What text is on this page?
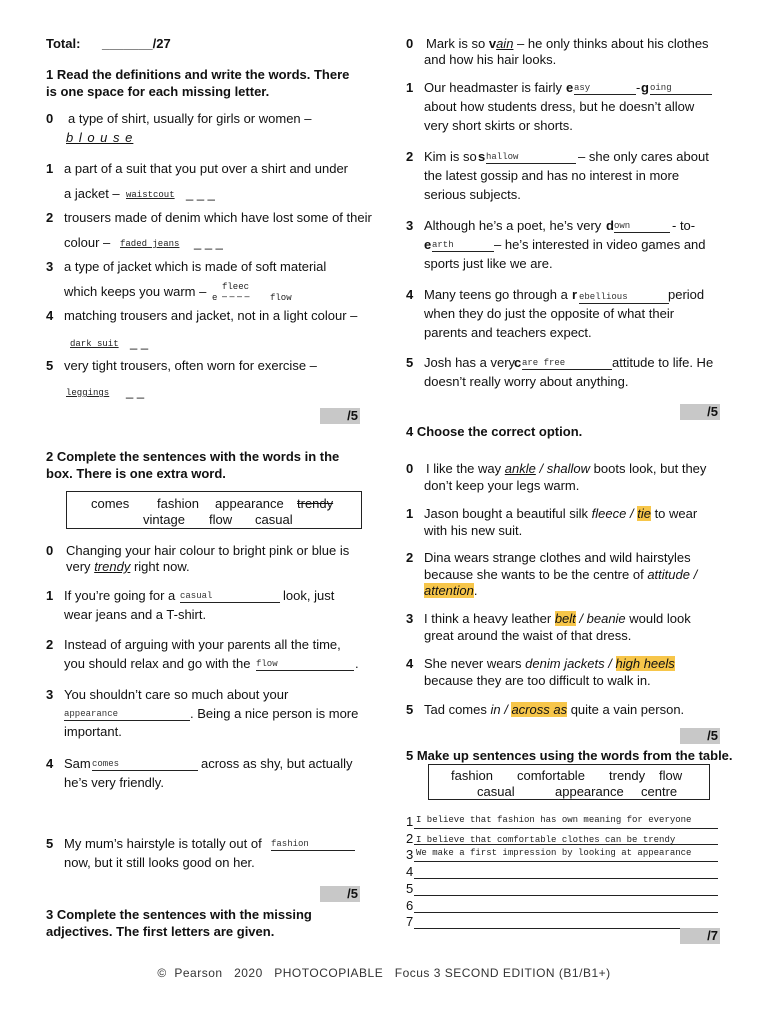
Total: _______/27
1 Read the definitions and write the words. There is one space for each missing letter.
0	a type of shirt, usually for girls or women –
b l o u s e
1 a part of a suit that you put over a shirt and under
a jacket – waistcout _ _ _
2 trousers made of denim which have lost some of their
colour – faded jeans _ _ _
3 a type of jacket which is made of soft material
which keeps you warm – fleec
e – – – – flow
4 matching trousers and jacket, not in a light colour –
dark suit _ _
5 very tight trousers, often worn for exercise –
leggings _ _
/5
2 Complete the sentences with the words in the box. There is one extra word.
comes fashion appearance trendy
vintage flow casual
0 Changing your hair colour to bright pink or blue is
very trendy right now.
1 If you’re going for a casual	look, just
wear jeans and a T-shirt.
2 Instead of arguing with your parents all the time,
you should relax and go with the flow	.
3 You shouldn’t care so much about your
appearance	. Being a nice person is more
important.
4 Sam comes	across as shy, but actually
he’s very friendly.
5 My mum’s hairstyle is totally out of fashion
now, but it still looks good on her.
/5
3 Complete the sentences with the missing adjectives. The first letters are given.
0 Mark is so vain – he only thinks about his clothes
and how his hair looks.
1 Our headmaster is fairly e asy	- g oing
about how students dress, but he doesn’t allow
very short skirts or shorts.
2 Kim is so s hallow	– she only cares about
the latest gossip and has no interest in more
serious subjects.
3 Although he’s a poet, he’s very d own	- to-
e arth	– he’s interested in video games and
sports just like we are.
4 Many teens go through a r ebellious	period
when they do just the opposite of what their
parents and teachers expect.
5 Josh has a very
c are free	attitude to life. He
doesn’t really worry about anything.
/5
4 Choose the correct option.
0 I like the way ankle / shallow boots look, but they
don’t keep your legs warm.
1 Jason bought a beautiful silk fleece / tie to wear
with his new suit.
2 Dina wears strange clothes and wild hairstyles
because she wants to be the centre of attitude /
attention.
3 I think a heavy leather belt / beanie would look
great around the waist of that dress.
4 She never wears denim jackets / high heels
because they are too difficult to walk in.
5 Tad comes in / across as quite a vain person.
/5
5 Make up sentences using the words from the table.
fashion comfortable trendy flow
casual	appearance centre
1 I believe that fashion has own meaning for everyone
2 I believe that comfortable clothes can be trendy
3 We make a first impression by looking at appearance
4
5
6
7
/7
©  Pearson   2020   PHOTOCOPIABLE   Focus 3 SECOND EDITION (B1/B1+)
